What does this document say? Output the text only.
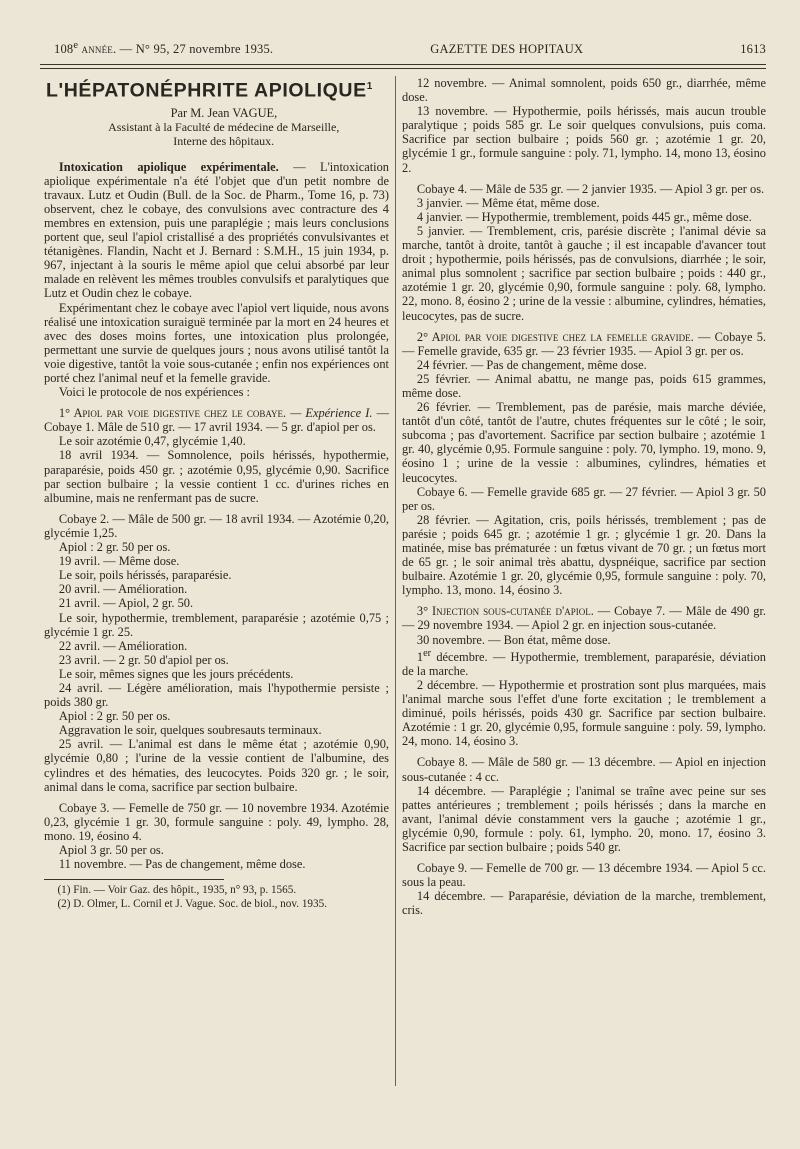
108e année. — N° 95, 27 novembre 1935.	GAZETTE DES HOPITAUX	1613
L'HÉPATONÉPHRITE APIOLIQUE$^1$

Par M. Jean VAGUE,

Assistant à la Faculté de médecine de Marseille,

Interne des hôpitaux.

Intoxication apiolique expérimentale. — L'intoxication apiolique expérimentale n'a été l'objet que d'un petit nombre de travaux. Lutz et Oudin (Bull. de la Soc. de Pharm., Tome 16, p. 73) observent, chez le cobaye, des convulsions avec contracture des 4 membres en extension, puis une paraplégie ; mais leurs conclusions portent que, seul l'apiol cristallisé a des propriétés convulsivantes et tétanigènes. Flandin, Nacht et J. Bernard : S.M.H., 15 juin 1934, p. 967, injectant à la souris le même apiol que celui absorbé par leur malade en relèvent les mêmes troubles convulsifs et paralytiques que Lutz et Oudin chez le cobaye.

Expérimentant chez le cobaye avec l'apiol vert liquide, nous avons réalisé une intoxication suraiguë terminée par la mort en 24 heures et avec des doses moins fortes, une intoxication plus prolongée, permettant une survie de quelques jours ; nous avons utilisé tantôt la voie digestive, tantôt la voie sous-cutanée ; enfin nos expériences ont porté chez l'animal neuf et la femelle gravide.

Voici le protocole de nos expériences :

1° Apiol par voie digestive chez le cobaye. — Expérience I. — Cobaye 1. Mâle de 510 gr. — 17 avril 1934. — 5 gr. d'apiol per os.

Le soir azotémie 0,47, glycémie 1,40.

18 avril 1934. — Somnolence, poils hérissés, hypothermie, paraparésie, poids 450 gr. ; azotémie 0,95, glycémie 0,90. Sacrifice par section bulbaire ; la vessie contient 1 cc. d'urines riches en albumine, mais ne renfermant pas de sucre.

Cobaye 2. — Mâle de 500 gr. — 18 avril 1934. — Azotémie 0,20, glycémie 1,25.

Apiol : 2 gr. 50 per os.

19 avril. — Même dose.

Le soir, poils hérissés, paraparésie.

20 avril. — Amélioration.

21 avril. — Apiol, 2 gr. 50.

Le soir, hypothermie, tremblement, paraparésie ; azotémie 0,75 ; glycémie 1 gr. 25.

22 avril. — Amélioration.

23 avril. — 2 gr. 50 d'apiol per os.

Le soir, mêmes signes que les jours précédents.

24 avril. — Légère amélioration, mais l'hypothermie persiste ; poids 380 gr.

Apiol : 2 gr. 50 per os.

Aggravation le soir, quelques soubresauts terminaux.

25 avril. — L'animal est dans le même état ; azotémie 0,90, glycémie 0,80 ; l'urine de la vessie contient de l'albumine, des cylindres et des hématies, des leucocytes. Poids 320 gr. ; le soir, animal dans le coma, sacrifice par section bulbaire.

Cobaye 3. — Femelle de 750 gr. — 10 novembre 1934. Azotémie 0,23, glycémie 1 gr. 30, formule sanguine : poly. 49, lympho. 28, mono. 19, éosino 4.

Apiol 3 gr. 50 per os.

11 novembre. — Pas de changement, même dose.

(1) Fin. — Voir Gaz. des hôpit., 1935, n° 93, p. 1565.

(2) D. Olmer, L. Cornil et J. Vague. Soc. de biol., nov. 1935.

12 novembre. — Animal somnolent, poids 650 gr., diarrhée, même dose.

13 novembre. — Hypothermie, poils hérissés, mais aucun trouble paralytique ; poids 585 gr. Le soir quelques convulsions, puis coma. Sacrifice par section bulbaire ; poids 560 gr. ; azotémie 1 gr. 20, glycémie 1 gr., formule sanguine : poly. 71, lympho. 14, mono 13, éosino 2.

Cobaye 4. — Mâle de 535 gr. — 2 janvier 1935. — Apiol 3 gr. per os.

3 janvier. — Même état, même dose.

4 janvier. — Hypothermie, tremblement, poids 445 gr., même dose.

5 janvier. — Tremblement, cris, parésie discrète ; l'animal dévie sa marche, tantôt à droite, tantôt à gauche ; il est incapable d'avancer tout droit ; hypothermie, poils hérissés, pas de convulsions, diarrhée ; le soir, animal plus somnolent ; sacrifice par section bulbaire ; poids : 440 gr., azotémie 1 gr. 20, glycémie 0,90, formule sanguine : poly. 68, lympho. 22, mono. 8, éosino 2 ; urine de la vessie : albumine, cylindres, hématies, leucocytes, pas de sucre.

2° Apiol par voie digestive chez la femelle gravide. — Cobaye 5. — Femelle gravide, 635 gr. — 23 février 1935. — Apiol 3 gr. per os.

24 février. — Pas de changement, même dose.

25 février. — Animal abattu, ne mange pas, poids 615 grammes, même dose.

26 février. — Tremblement, pas de parésie, mais marche déviée, tantôt d'un côté, tantôt de l'autre, chutes fréquentes sur le côté ; le soir, subcoma ; pas d'avortement. Sacrifice par section bulbaire ; azotémie 1 gr. 40, glycémie 0,95. Formule sanguine : poly. 70, lympho. 19, mono. 9, éosino 1 ; urine de la vessie : albumines, cylindres, hématies et leucocytes.

Cobaye 6. — Femelle gravide 685 gr. — 27 février. — Apiol 3 gr. 50 per os.

28 février. — Agitation, cris, poils hérissés, tremblement ; pas de parésie ; poids 645 gr. ; azotémie 1 gr. ; glycémie 1 gr. 20. Dans la matinée, mise bas prématurée : un fœtus vivant de 70 gr. ; un fœtus mort de 65 gr. ; le soir animal très abattu, dyspnéique, sacrifice par section bulbaire. Azotémie 1 gr. 20, glycémie 0,95, formule sanguine : poly. 70, lympho. 13, mono. 14, éosino 3.

3° Injection sous-cutanée d'apiol. — Cobaye 7. — Mâle de 490 gr. — 29 novembre 1934. — Apiol 2 gr. en injection sous-cutanée.

30 novembre. — Bon état, même dose.

1er décembre. — Hypothermie, tremblement, paraparésie, déviation de la marche.

2 décembre. — Hypothermie et prostration sont plus marquées, mais l'animal marche sous l'effet d'une forte excitation ; le tremblement a diminué, poils hérissés, poids 430 gr. Sacrifice par section bulbaire. Azotémie : 1 gr. 20, glycémie 0,95, formule sanguine : poly. 59, lympho. 24, mono. 14, éosino 3.

Cobaye 8. — Mâle de 580 gr. — 13 décembre. — Apiol en injection sous-cutanée : 4 cc.

14 décembre. — Paraplégie ; l'animal se traîne avec peine sur ses pattes antérieures ; tremblement ; poils hérissés ; dans la marche en avant, l'animal dévie constamment vers la gauche ; azotémie 1 gr., glycémie 0,90, formule : poly. 61, lympho. 20, mono. 17, éosino 3. Sacrifice par section bulbaire ; poids 540 gr.

Cobaye 9. — Femelle de 700 gr. — 13 décembre 1934. — Apiol 5 cc. sous la peau.

14 décembre. — Paraparésie, déviation de la marche, tremblement, cris.
